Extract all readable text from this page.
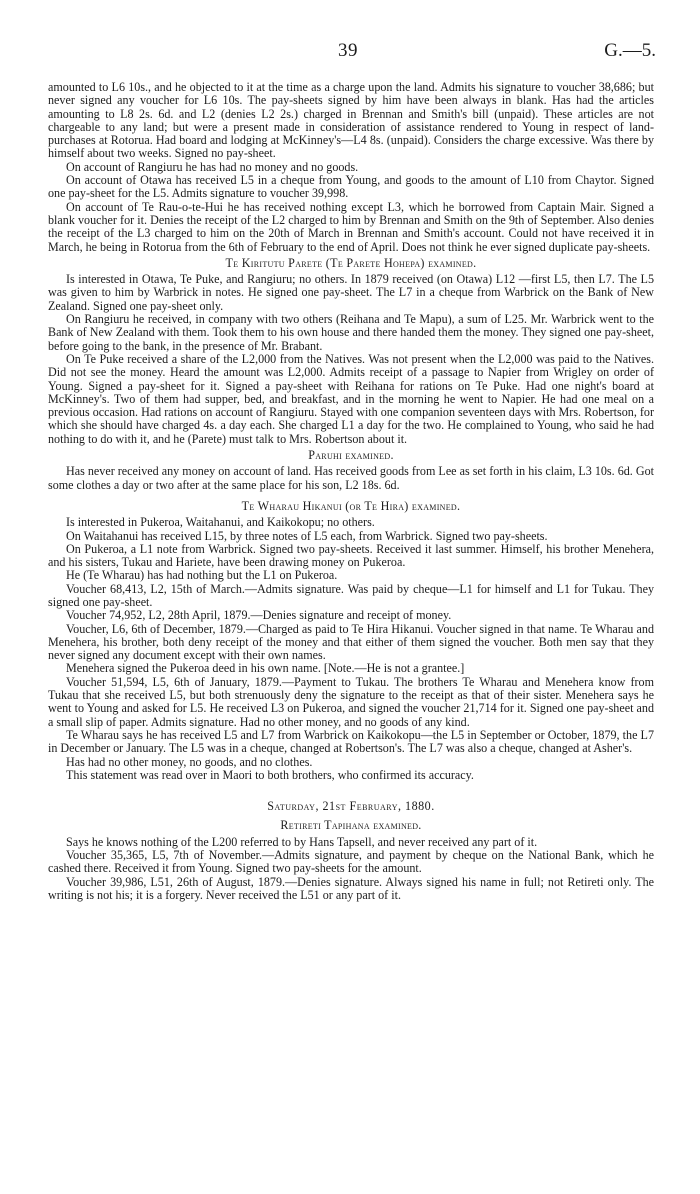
39	G.—5.

amounted to L6 10s., and he objected to it at the time as a charge upon the land. Admits his signature to voucher 38,686; but never signed any voucher for L6 10s. The pay-sheets signed by him have been always in blank. Has had the articles amounting to L8 2s. 6d. and L2 (denies L2 2s.) charged in Brennan and Smith's bill (unpaid). These articles are not chargeable to any land; but were a present made in consideration of assistance rendered to Young in respect of land-purchases at Rotorua. Had board and lodging at McKinney's—L4 8s. (unpaid). Considers the charge excessive. Was there by himself about two weeks. Signed no pay-sheet.

On account of Rangiuru he has had no money and no goods.

On account of Otawa has received L5 in a cheque from Young, and goods to the amount of L10 from Chaytor. Signed one pay-sheet for the L5. Admits signature to voucher 39,998.

On account of Te Rau-o-te-Hui he has received nothing except L3, which he borrowed from Captain Mair. Signed a blank voucher for it. Denies the receipt of the L2 charged to him by Brennan and Smith on the 9th of September. Also denies the receipt of the L3 charged to him on the 20th of March in Brennan and Smith's account. Could not have received it in March, he being in Rotorua from the 6th of February to the end of April. Does not think he ever signed duplicate pay-sheets.

Te Kiritutu Parete (Te Parete Hohepa) examined.

Is interested in Otawa, Te Puke, and Rangiuru; no others. In 1879 received (on Otawa) L12 —first L5, then L7. The L5 was given to him by Warbrick in notes. He signed one pay-sheet. The L7 in a cheque from Warbrick on the Bank of New Zealand. Signed one pay-sheet only.

On Rangiuru he received, in company with two others (Reihana and Te Mapu), a sum of L25. Mr. Warbrick went to the Bank of New Zealand with them. Took them to his own house and there handed them the money. They signed one pay-sheet, before going to the bank, in the presence of Mr. Brabant.

On Te Puke received a share of the L2,000 from the Natives. Was not present when the L2,000 was paid to the Natives. Did not see the money. Heard the amount was L2,000. Admits receipt of a passage to Napier from Wrigley on order of Young. Signed a pay-sheet for it. Signed a pay-sheet with Reihana for rations on Te Puke. Had one night's board at McKinney's. Two of them had supper, bed, and breakfast, and in the morning he went to Napier. He had one meal on a previous occasion. Had rations on account of Rangiuru. Stayed with one companion seventeen days with Mrs. Robertson, for which she should have charged 4s. a day each. She charged L1 a day for the two. He complained to Young, who said he had nothing to do with it, and he (Parete) must talk to Mrs. Robertson about it.

Paruhi examined.

Has never received any money on account of land. Has received goods from Lee as set forth in his claim, L3 10s. 6d. Got some clothes a day or two after at the same place for his son, L2 18s. 6d.

Te Wharau Hikanui (or Te Hira) examined.

Is interested in Pukeroa, Waitahanui, and Kaikokopu; no others.

On Waitahanui has received L15, by three notes of L5 each, from Warbrick. Signed two pay-sheets.

On Pukeroa, a L1 note from Warbrick. Signed two pay-sheets. Received it last summer. Himself, his brother Menehera, and his sisters, Tukau and Hariete, have been drawing money on Pukeroa.

He (Te Wharau) has had nothing but the L1 on Pukeroa.

Voucher 68,413, L2, 15th of March.—Admits signature. Was paid by cheque—L1 for himself and L1 for Tukau. They signed one pay-sheet.

Voucher 74,952, L2, 28th April, 1879.—Denies signature and receipt of money.

Voucher, L6, 6th of December, 1879.—Charged as paid to Te Hira Hikanui. Voucher signed in that name. Te Wharau and Menehera, his brother, both deny receipt of the money and that either of them signed the voucher. Both men say that they never signed any document except with their own names.

Menehera signed the Pukeroa deed in his own name. [Note.—He is not a grantee.]

Voucher 51,594, L5, 6th of January, 1879.—Payment to Tukau. The brothers Te Wharau and Menehera know from Tukau that she received L5, but both strenuously deny the signature to the receipt as that of their sister. Menehera says he went to Young and asked for L5. He received L3 on Pukeroa, and signed the voucher 21,714 for it. Signed one pay-sheet and a small slip of paper. Admits signature. Had no other money, and no goods of any kind.

Te Wharau says he has received L5 and L7 from Warbrick on Kaikokopu—the L5 in September or October, 1879, the L7 in December or January. The L5 was in a cheque, changed at Robertson's. The L7 was also a cheque, changed at Asher's.

Has had no other money, no goods, and no clothes.

This statement was read over in Maori to both brothers, who confirmed its accuracy.

Saturday, 21st February, 1880.

Retireti Tapihana examined.

Says he knows nothing of the L200 referred to by Hans Tapsell, and never received any part of it.

Voucher 35,365, L5, 7th of November.—Admits signature, and payment by cheque on the National Bank, which he cashed there. Received it from Young. Signed two pay-sheets for the amount.

Voucher 39,986, L51, 26th of August, 1879.—Denies signature. Always signed his name in full; not Retireti only. The writing is not his; it is a forgery. Never received the L51 or any part of it.
